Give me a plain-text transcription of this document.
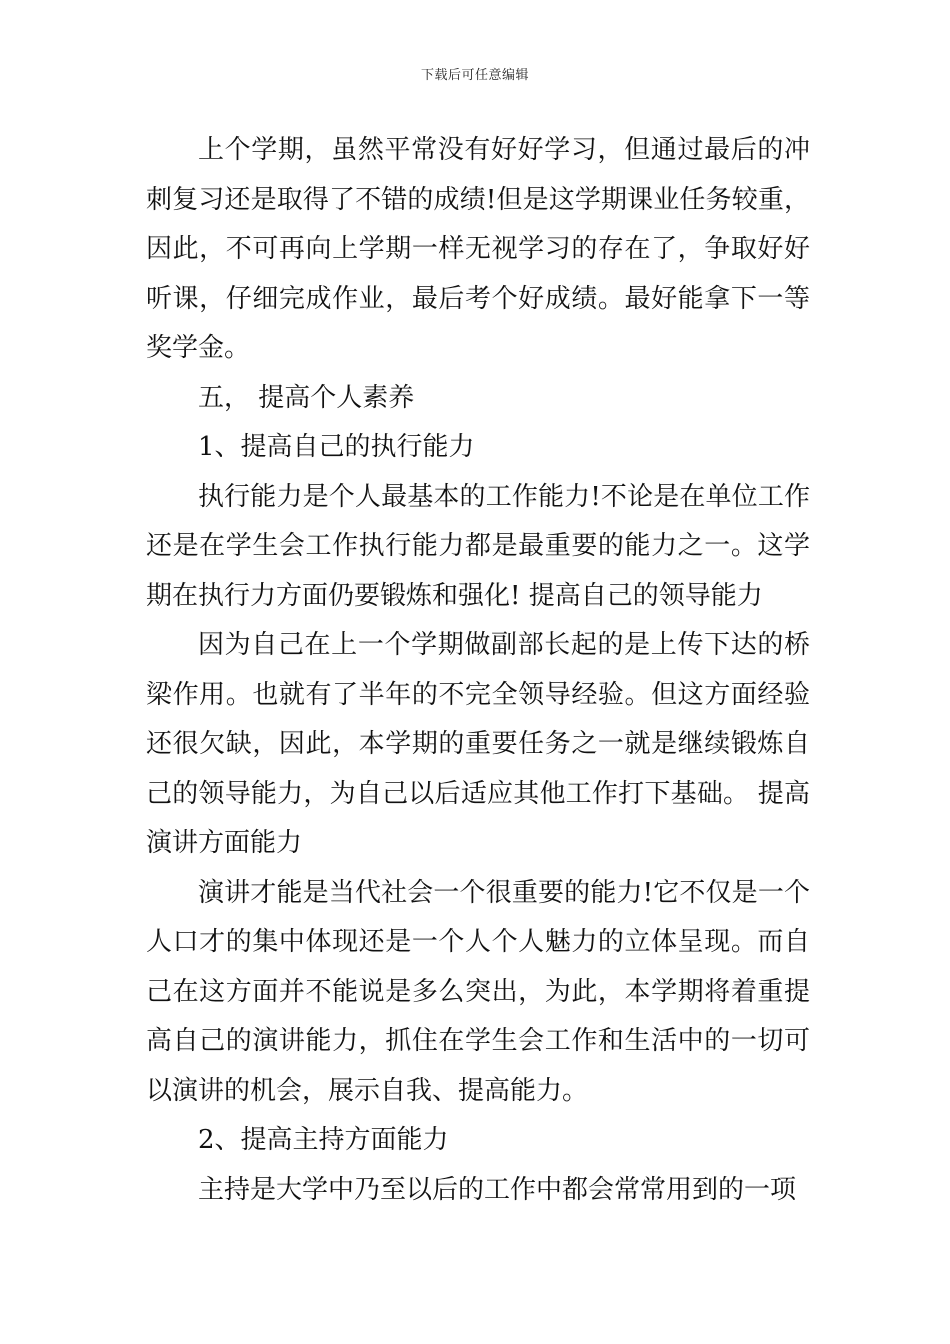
下载后可任意编辑

上个学期，虽然平常没有好好学习，但通过最后的冲刺复习还是取得了不错的成绩!但是这学期课业任务较重，因此，不可再向上学期一样无视学习的存在了，争取好好听课，仔细完成作业，最后考个好成绩。最好能拿下一等奖学金。

五， 提高个人素养

1、提高自己的执行能力

执行能力是个人最基本的工作能力!不论是在单位工作还是在学生会工作执行能力都是最重要的能力之一。这学期在执行力方面仍要锻炼和强化! 提高自己的领导能力

因为自己在上一个学期做副部长起的是上传下达的桥梁作用。也就有了半年的不完全领导经验。但这方面经验还很欠缺，因此，本学期的重要任务之一就是继续锻炼自己的领导能力，为自己以后适应其他工作打下基础。 提高演讲方面能力

演讲才能是当代社会一个很重要的能力!它不仅是一个人口才的集中体现还是一个人个人魅力的立体呈现。而自己在这方面并不能说是多么突出，为此，本学期将着重提高自己的演讲能力，抓住在学生会工作和生活中的一切可以演讲的机会，展示自我、提高能力。

2、提高主持方面能力

主持是大学中乃至以后的工作中都会常常用到的一项
